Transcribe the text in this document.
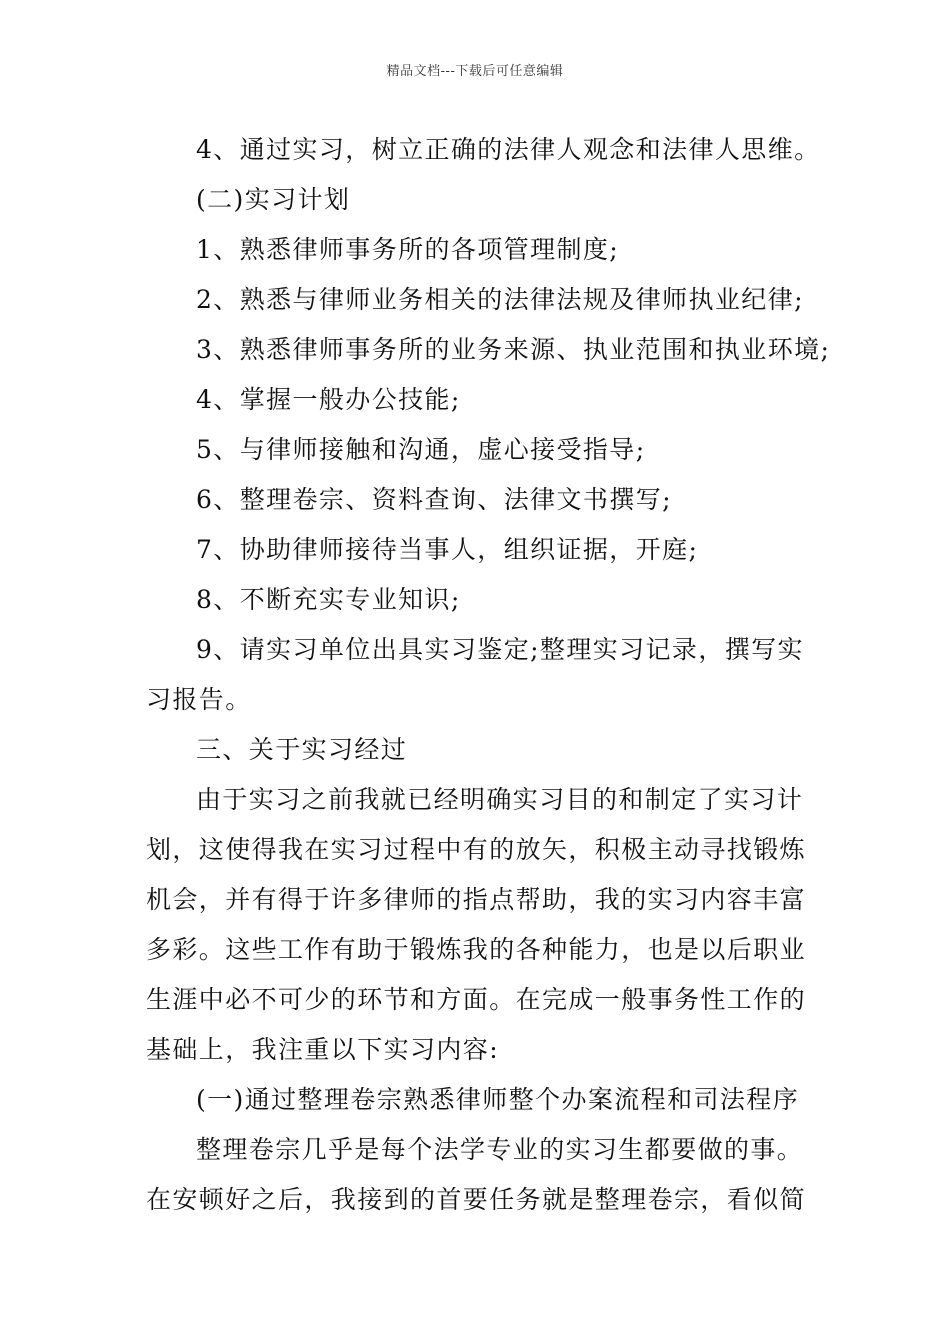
精品文档---下载后可任意编辑
4、通过实习，树立正确的法律人观念和法律人思维。
(二)实习计划
1、熟悉律师事务所的各项管理制度;
2、熟悉与律师业务相关的法律法规及律师执业纪律;
3、熟悉律师事务所的业务来源、执业范围和执业环境;
4、掌握一般办公技能;
5、与律师接触和沟通，虚心接受指导;
6、整理卷宗、资料查询、法律文书撰写;
7、协助律师接待当事人，组织证据，开庭;
8、不断充实专业知识;
9、请实习单位出具实习鉴定;整理实习记录，撰写实
习报告。
三、关于实习经过
由于实习之前我就已经明确实习目的和制定了实习计
划，这使得我在实习过程中有的放矢，积极主动寻找锻炼
机会，并有得于许多律师的指点帮助，我的实习内容丰富
多彩。这些工作有助于锻炼我的各种能力，也是以后职业
生涯中必不可少的环节和方面。在完成一般事务性工作的
基础上，我注重以下实习内容:
(一)通过整理卷宗熟悉律师整个办案流程和司法程序
整理卷宗几乎是每个法学专业的实习生都要做的事。
在安顿好之后，我接到的首要任务就是整理卷宗，看似简
